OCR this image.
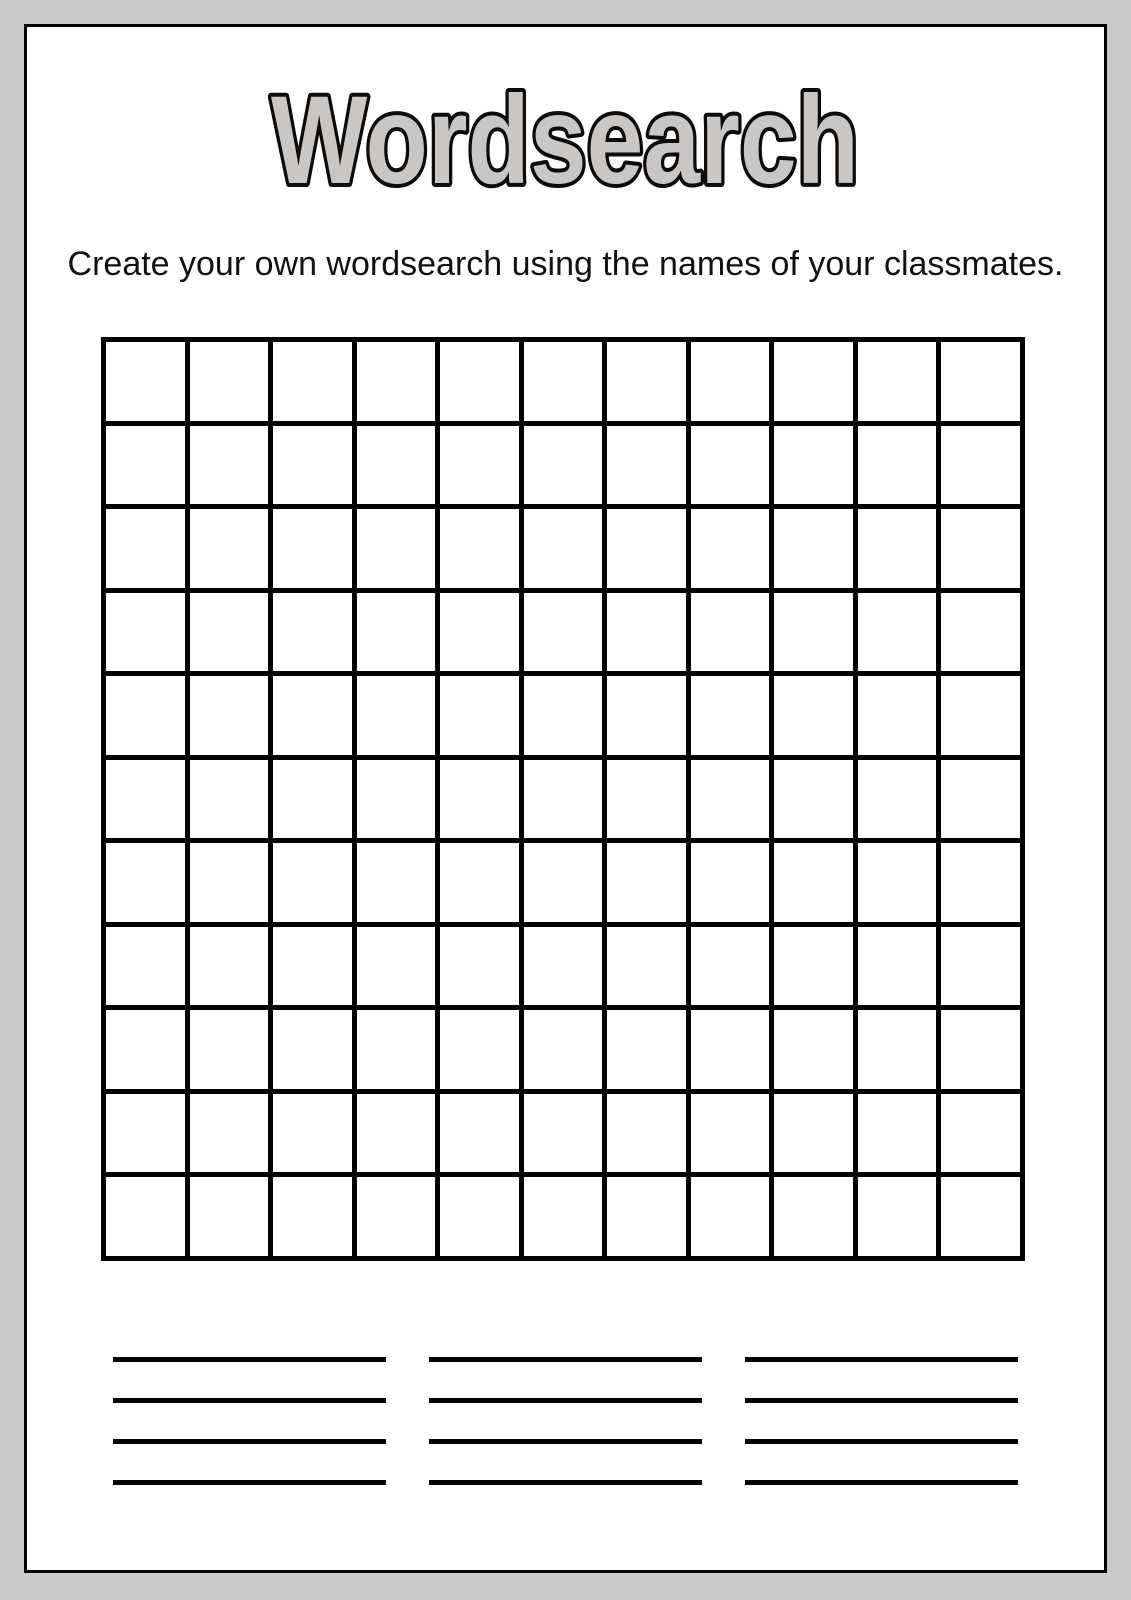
Wordsearch
Create your own wordsearch using the names of your classmates.
